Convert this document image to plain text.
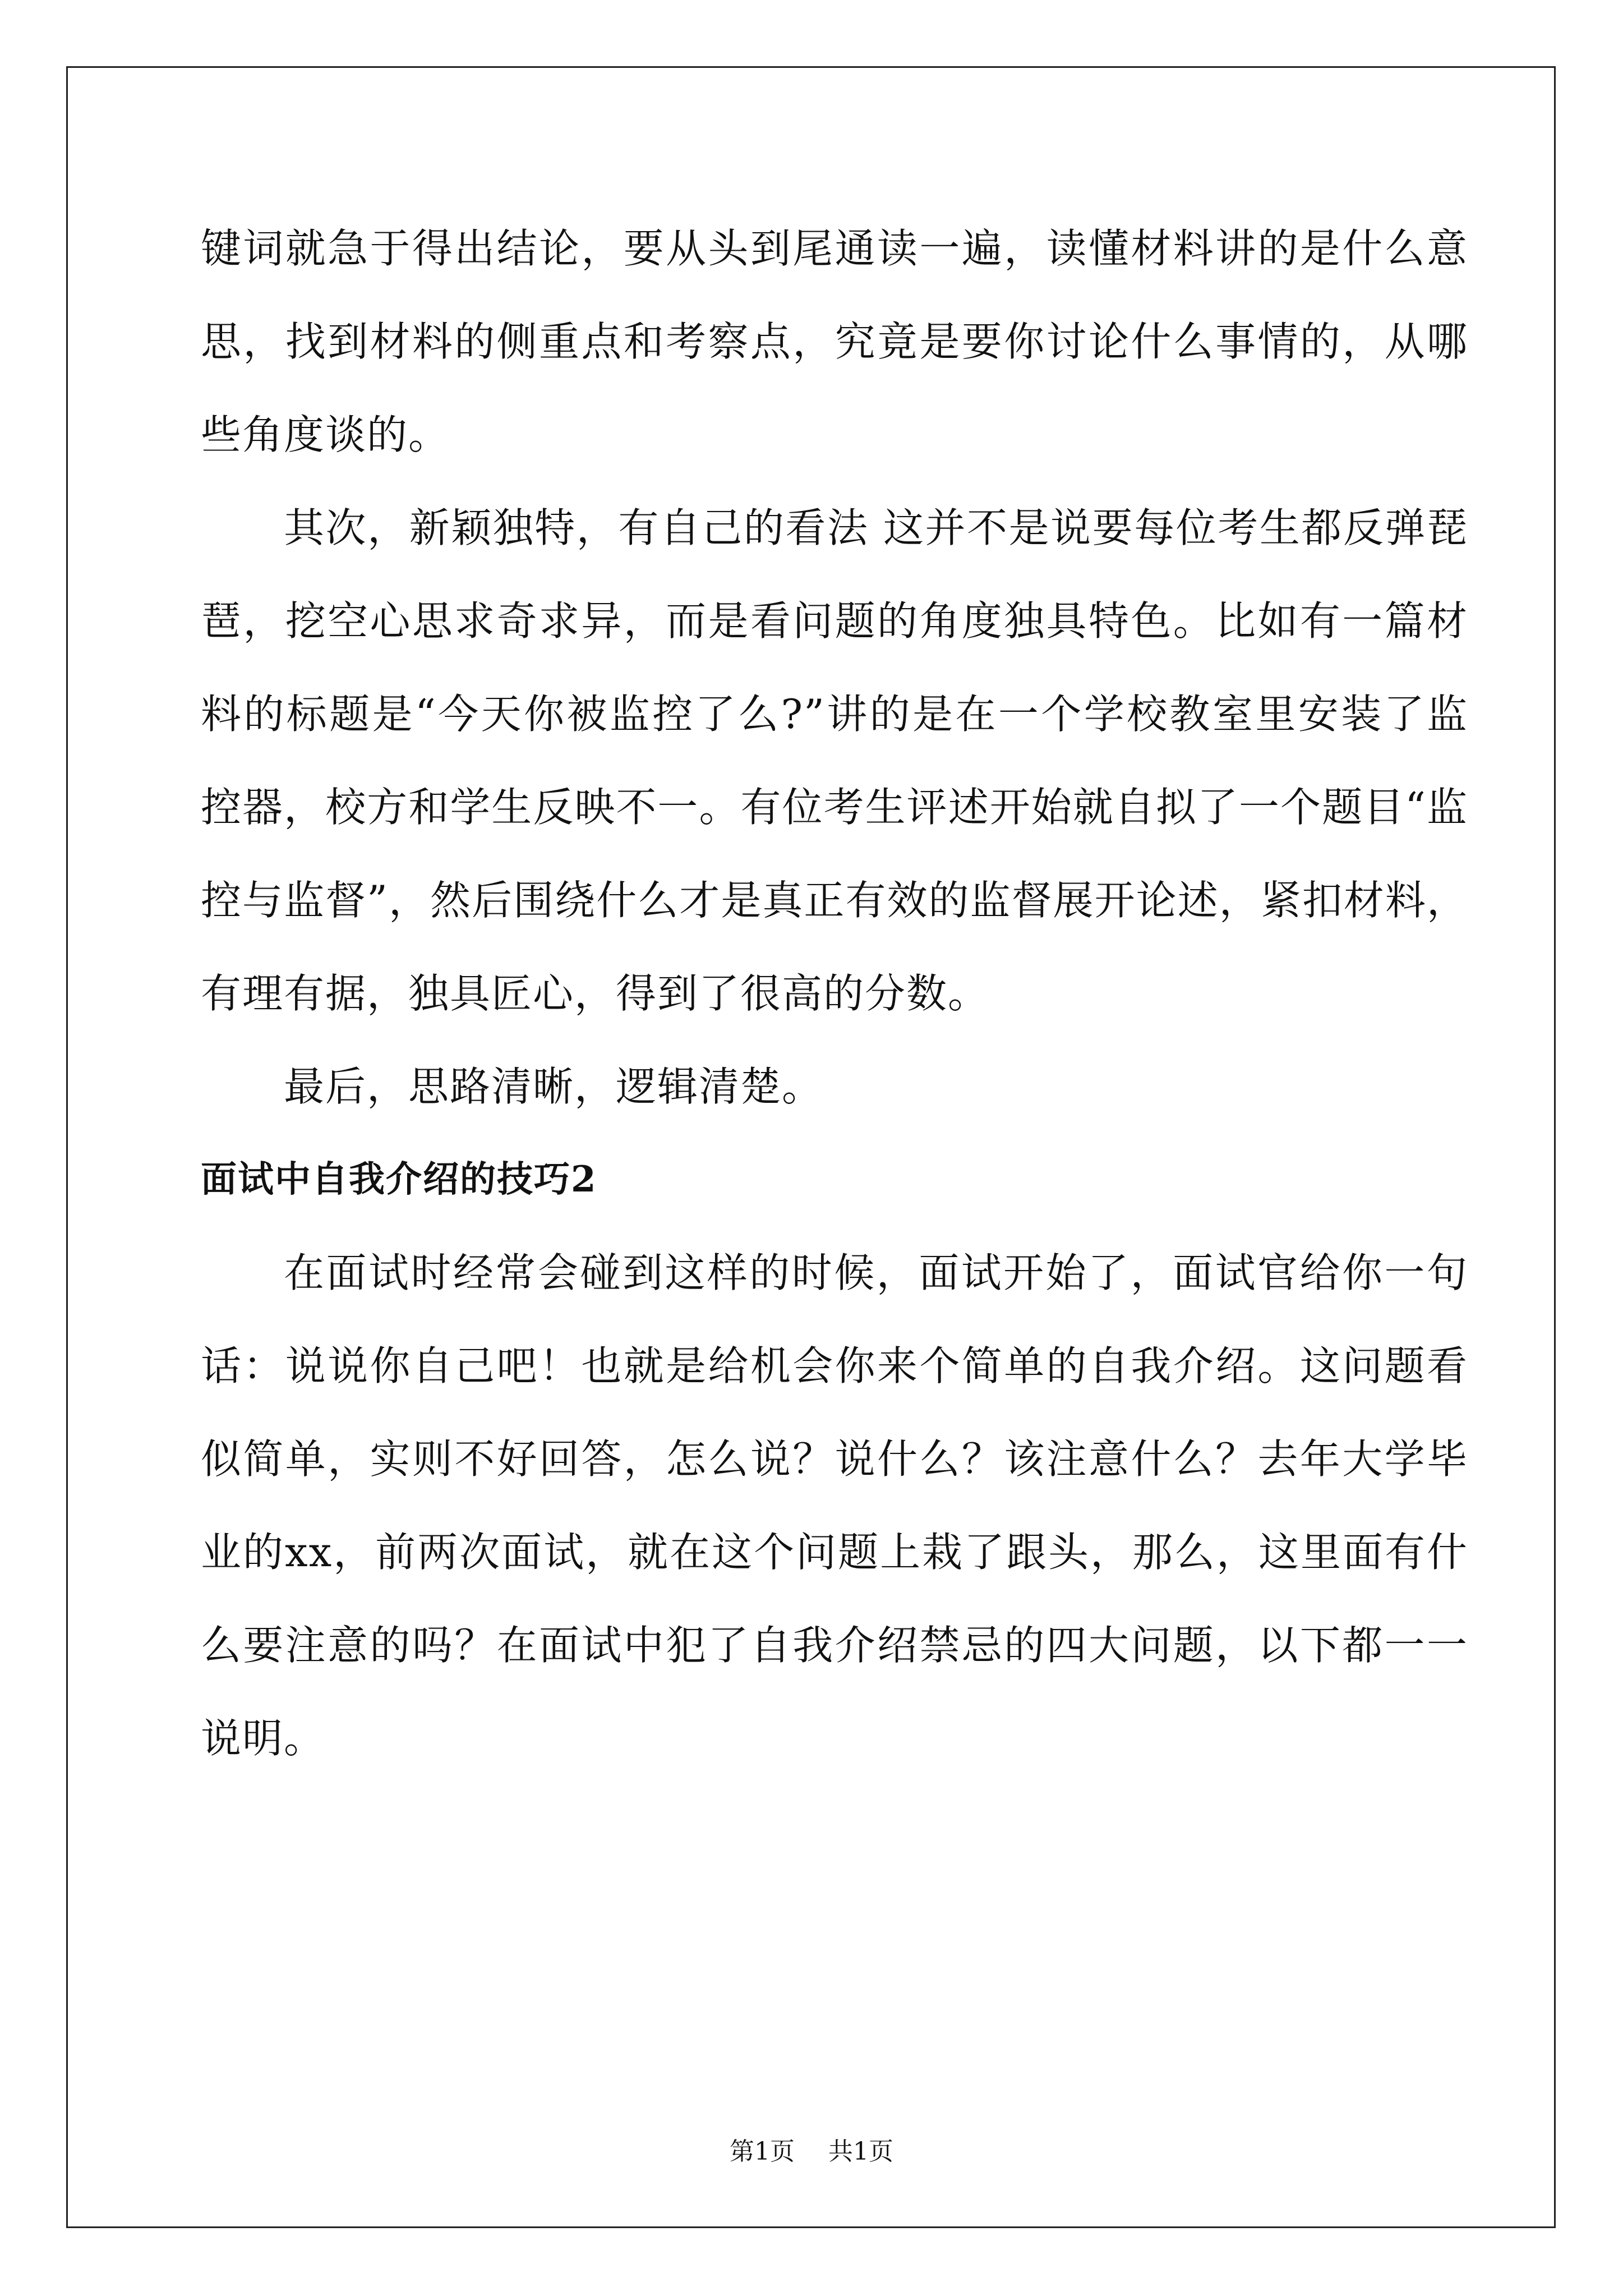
键词就急于得出结论，要从头到尾通读一遍，读懂材料讲的是什么意思，找到材料的侧重点和考察点，究竟是要你讨论什么事情的，从哪些角度谈的。

其次，新颖独特，有自己的看法 这并不是说要每位考生都反弹琵琶，挖空心思求奇求异，而是看问题的角度独具特色。比如有一篇材料的标题是“今天你被监控了么?”讲的是在一个学校教室里安装了监控器，校方和学生反映不一。有位考生评述开始就自拟了一个题目“监控与监督”，然后围绕什么才是真正有效的监督展开论述，紧扣材料，有理有据，独具匠心，得到了很高的分数。

最后，思路清晰，逻辑清楚。

面试中自我介绍的技巧2

在面试时经常会碰到这样的时候，面试开始了，面试官给你一句话：说说你自己吧！也就是给机会你来个简单的自我介绍。这问题看似简单，实则不好回答，怎么说？说什么？该注意什么？去年大学毕业的xx，前两次面试，就在这个问题上栽了跟头，那么，这里面有什么要注意的吗？在面试中犯了自我介绍禁忌的四大问题，以下都一一说明。

第1页 共1页
